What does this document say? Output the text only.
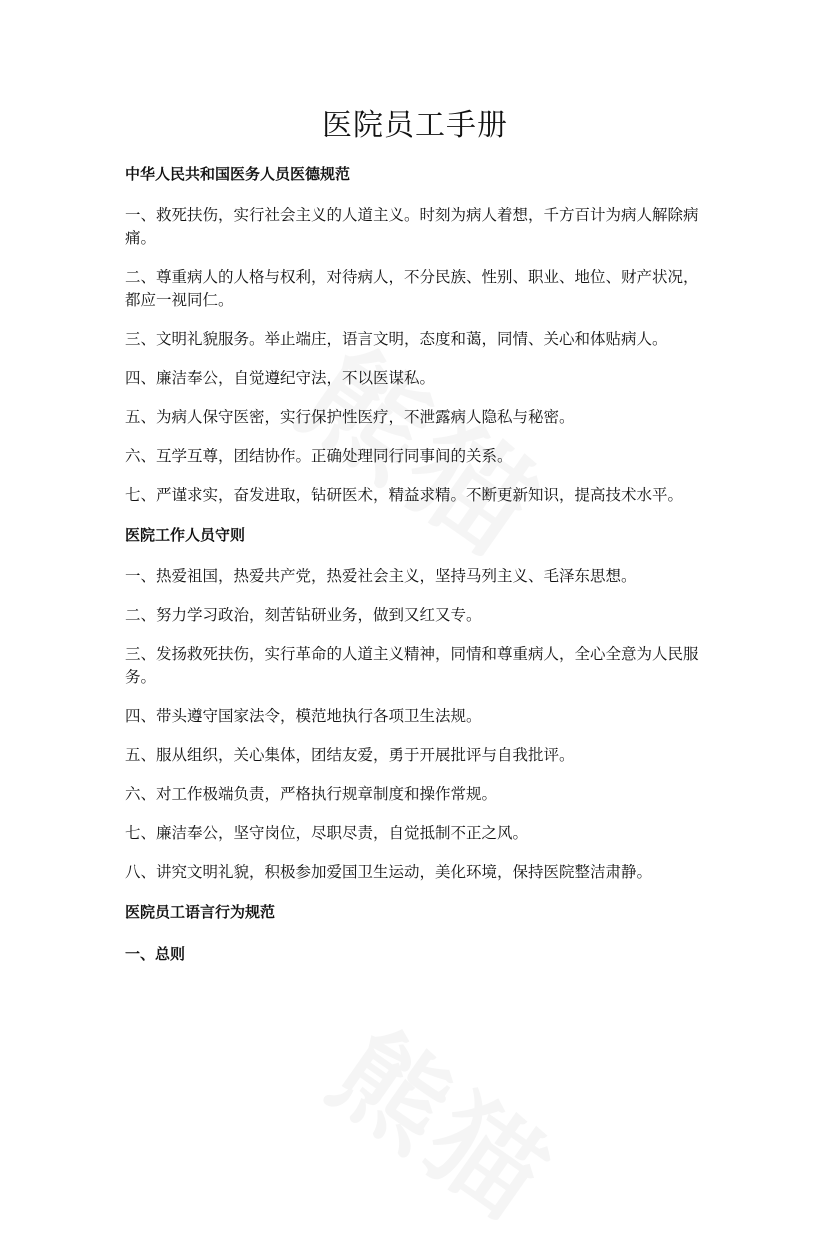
医院员工手册
中华人民共和国医务人员医德规范
一、救死扶伤，实行社会主义的人道主义。时刻为病人着想，千方百计为病人解除病痛。
二、尊重病人的人格与权利，对待病人，不分民族、性别、职业、地位、财产状况，都应一视同仁。
三、文明礼貌服务。举止端庄，语言文明，态度和蔼，同情、关心和体贴病人。
四、廉洁奉公，自觉遵纪守法，不以医谋私。
五、为病人保守医密，实行保护性医疗，不泄露病人隐私与秘密。
六、互学互尊，团结协作。正确处理同行同事间的关系。
七、严谨求实，奋发进取，钻研医术，精益求精。不断更新知识，提高技术水平。
医院工作人员守则
一、热爱祖国，热爱共产党，热爱社会主义，坚持马列主义、毛泽东思想。
二、努力学习政治，刻苦钻研业务，做到又红又专。
三、发扬救死扶伤，实行革命的人道主义精神，同情和尊重病人，全心全意为人民服务。
四、带头遵守国家法令，模范地执行各项卫生法规。
五、服从组织，关心集体，团结友爱，勇于开展批评与自我批评。
六、对工作极端负责，严格执行规章制度和操作常规。
七、廉洁奉公，坚守岗位，尽职尽责，自觉抵制不正之风。
八、讲究文明礼貌，积极参加爱国卫生运动，美化环境，保持医院整洁肃静。
医院员工语言行为规范
一、总则
